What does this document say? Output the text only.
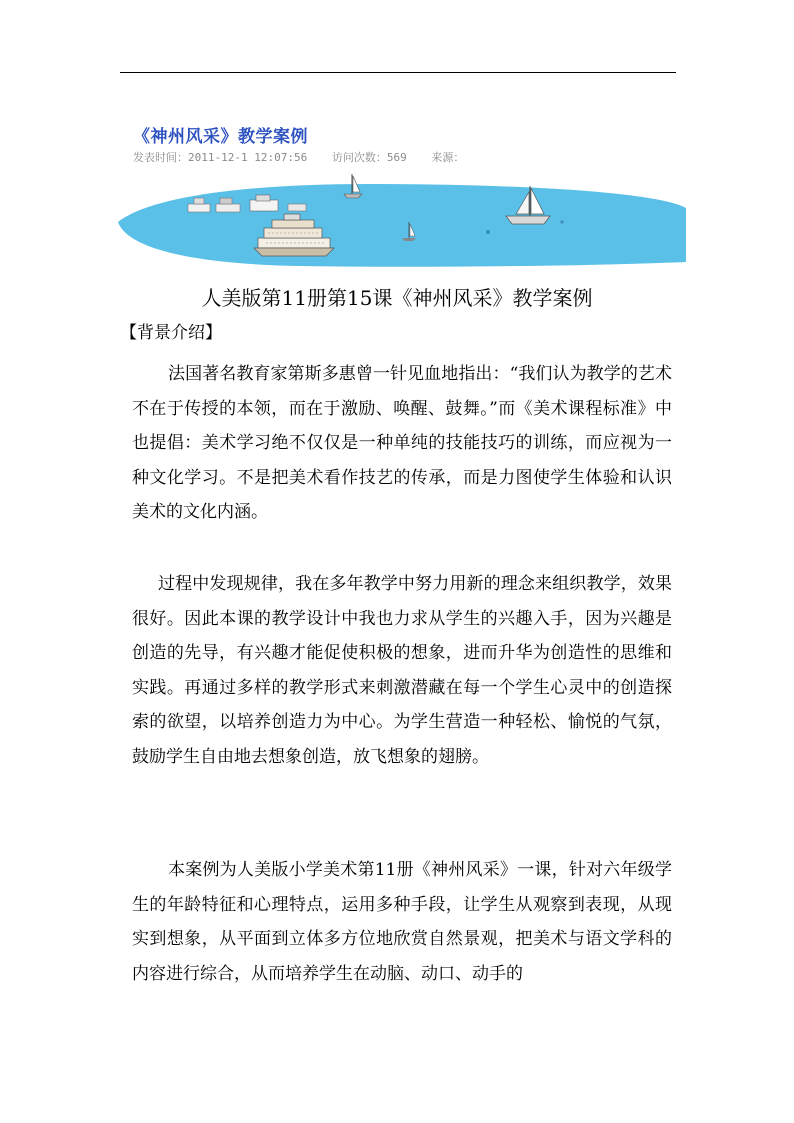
《神州风采》教学案例
发表时间：2011-12-1 12:07:56 访问次数：569 来源：
人美版第11册第15课《神州风采》教学案例
【背景介绍】

法国著名教育家第斯多惠曾一针见血地指出：“我们认为教学的艺术不在于传授的本领，而在于激励、唤醒、鼓舞。”而《美术课程标准》中也提倡：美术学习绝不仅仅是一种单纯的技能技巧的训练，而应视为一种文化学习。不是把美术看作技艺的传承，而是力图使学生体验和认识美术的文化内涵。

过程中发现规律，我在多年教学中努力用新的理念来组织教学，效果很好。因此本课的教学设计中我也力求从学生的兴趣入手，因为兴趣是创造的先导，有兴趣才能促使积极的想象，进而升华为创造性的思维和实践。再通过多样的教学形式来刺激潜藏在每一个学生心灵中的创造探索的欲望，以培养创造力为中心。为学生营造一种轻松、愉悦的气氛，鼓励学生自由地去想象创造，放飞想象的翅膀。

本案例为人美版小学美术第11册《神州风采》一课，针对六年级学生的年龄特征和心理特点，运用多种手段，让学生从观察到表现，从现实到想象，从平面到立体多方位地欣赏自然景观，把美术与语文学科的内容进行综合，从而培养学生在动脑、动口、动手的
